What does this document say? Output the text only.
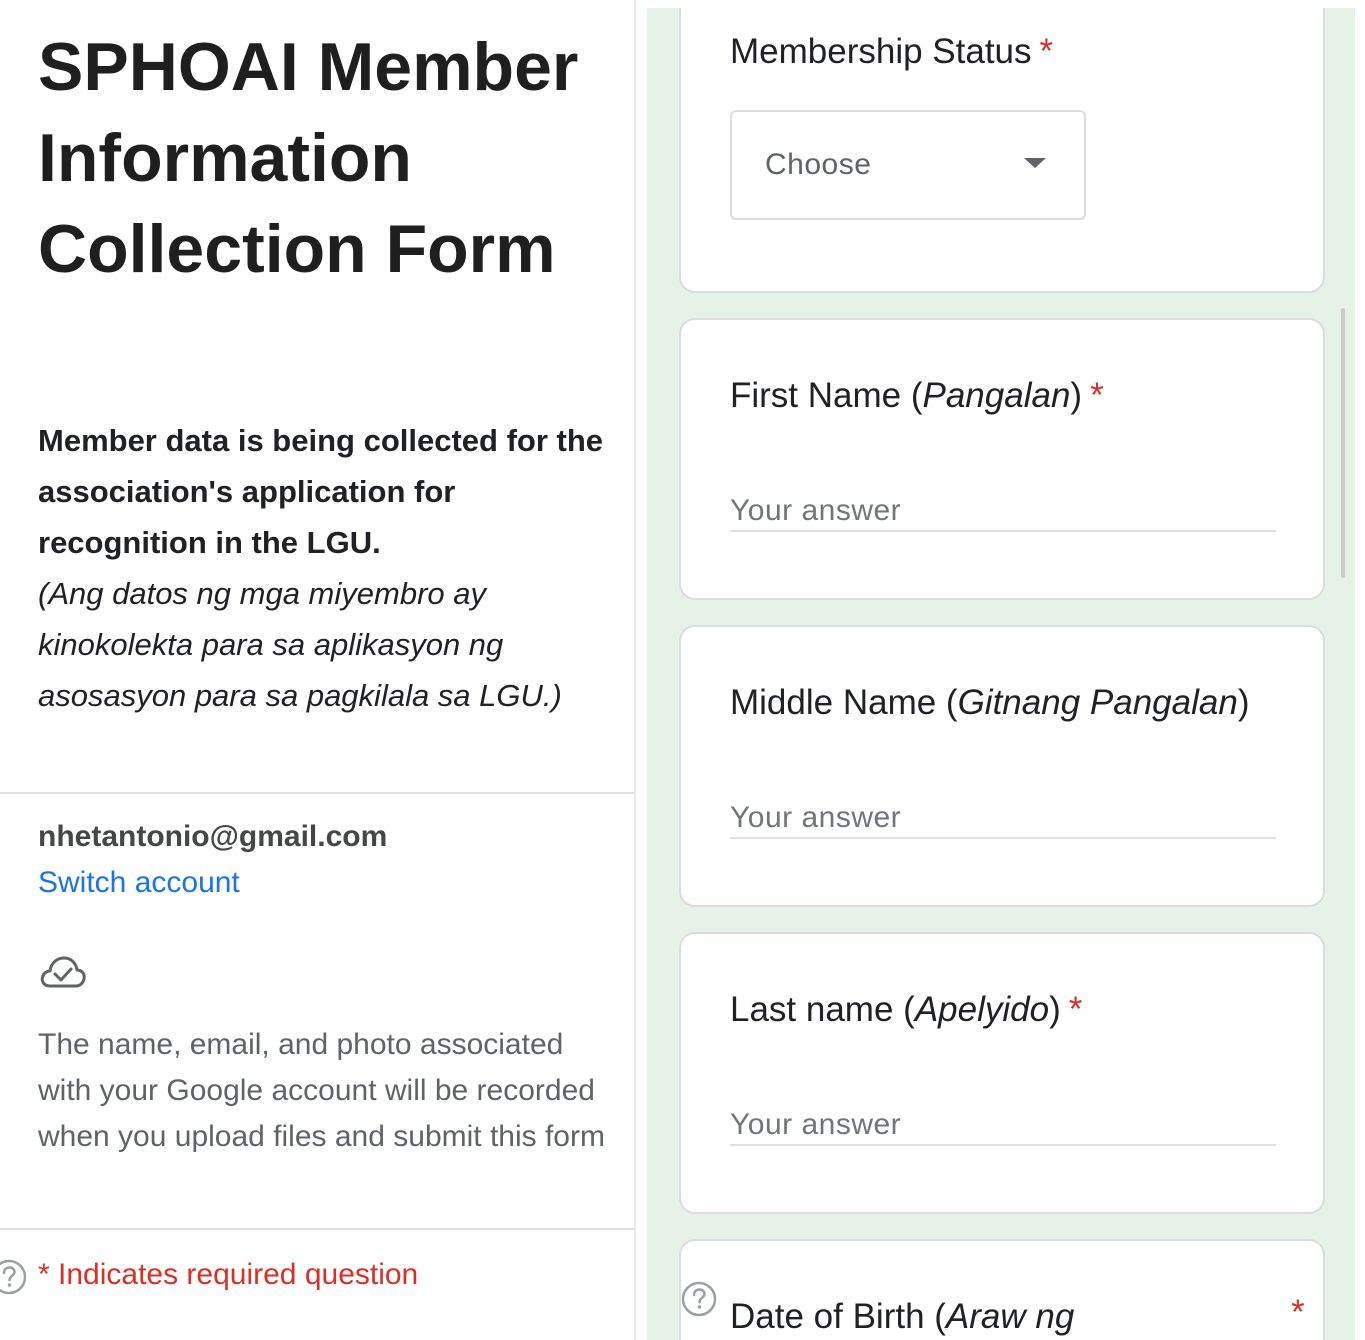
SPHOAI Member Information Collection Form
Member data is being collected for the association's application for recognition in the LGU.
(Ang datos ng mga miyembro ay kinokolekta para sa aplikasyon ng asosasyon para sa pagkilala sa LGU.)
nhetantonio@gmail.com
Switch account

The name, email, and photo associated with your Google account will be recorded when you upload files and submit this form

* Indicates required question
Membership Status *
Choose
First Name (Pangalan) *
Your answer
Middle Name (Gitnang Pangalan)
Your answer
Last name (Apelyido) *
Your answer
Date of Birth (Araw ng	*
